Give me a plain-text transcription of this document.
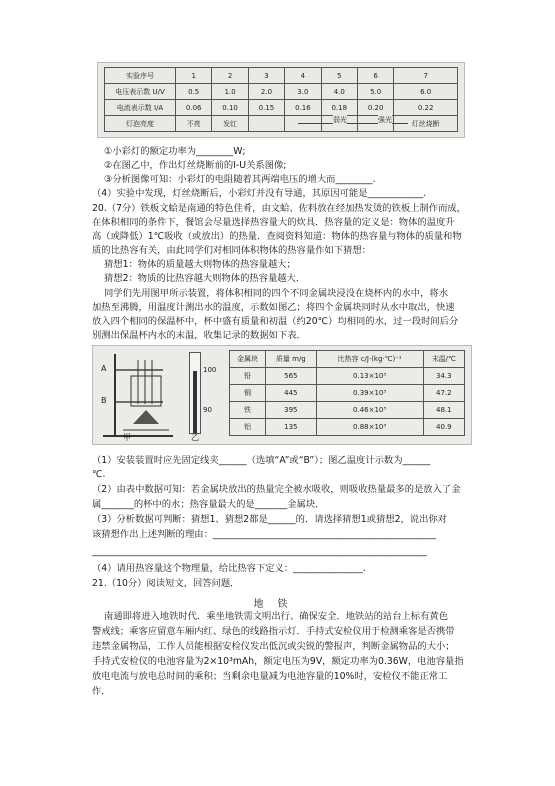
实验序号	1	2	3	4	5	6	7
电压表示数 U/V	0.5	1.0	2.0	3.0	4.0	5.0	6.0
电流表示数 I/A	0.06	0.10	0.15	0.16	0.18	0.20	0.22
灯泡亮度	不亮	发红					灯丝烧断
弱光	强光
①小彩灯的额定功率为________W;
②在图乙中，作出灯丝烧断前的I-U关系图像;
③分析图像可知：小彩灯的电阻随着其两端电压的增大而________.
（4）实验中发现，灯丝烧断后，小彩灯并没有导通，其原因可能是____________.
20.（7分）铁板文蛤是南通的特色佳肴，由文蛤、佐料放在经加热发烫的铁板上制作而成，
在体积相同的条件下，餐馆会尽量选择热容量大的炊具．热容量的定义是：物体的温度升
高（或降低）1℃吸收（或放出）的热量．查阅资料知道：物体的热容量与物体的质量和物
质的比热容有关，由此同学们对相同体积物体的热容量作如下猜想：
猜想1：物体的质量越大则物体的热容量越大；
猜想2：物质的比热容越大则物体的热容量越大．
同学们先用图甲所示装置，将体积相同的四个不同金属块浸没在烧杯内的水中，将水
加热至沸腾，用温度计测出水的温度，示数如图乙；将四个金属块同时从水中取出，快速
放入四个相同的保温杯中，杯中盛有质量和初温（约20℃）均相同的水，过一段时间后分
别测出保温杯内水的末温，收集记录的数据如下表．
A
B
甲
100
90
乙
金属块	质量 m/g	比热容 c/J·(kg·℃)⁻¹	末温/℃
铅	565	0.13×10³	34.3
铜	445	0.39×10³	47.2
铁	395	0.46×10³	48.1
铝	135	0.88×10³	40.9
（1）安装装置时应先固定线夹______（选填“A”或“B”）；图乙温度计示数为______
℃.
（2）由表中数据可知：若金属块放出的热量完全被水吸收，则吸收热量最多的是放入了金
属_______的杯中的水；热容量最大的是_______金属块．
（3）分析数据可判断：猜想1、猜想2都是______的．请选择猜想1或猜想2，说出你对
该猜想作出上述判断的理由：________________________________________________
________________________________________________________________________
（4）请用热容量这个物理量，给比热容下定义：_______________.
21.（10分）阅读短文，回答问题．
地铁
南通即将进入地铁时代．乘坐地铁需文明出行、确保安全．地铁站的站台上标有黄色
警戒线；乘客应留意车厢内红、绿色的线路指示灯．手持式安检仪用于检测乘客是否携带
违禁金属物品，工作人员能根据安检仪发出低沉或尖锐的警报声，判断金属物品的大小；
手持式安检仪的电池容量为2×10³mAh，额定电压为9V，额定功率为0.36W，电池容量指
放电电流与放电总时间的乘积；当剩余电量减为电池容量的10%时，安检仪不能正常工
作．
